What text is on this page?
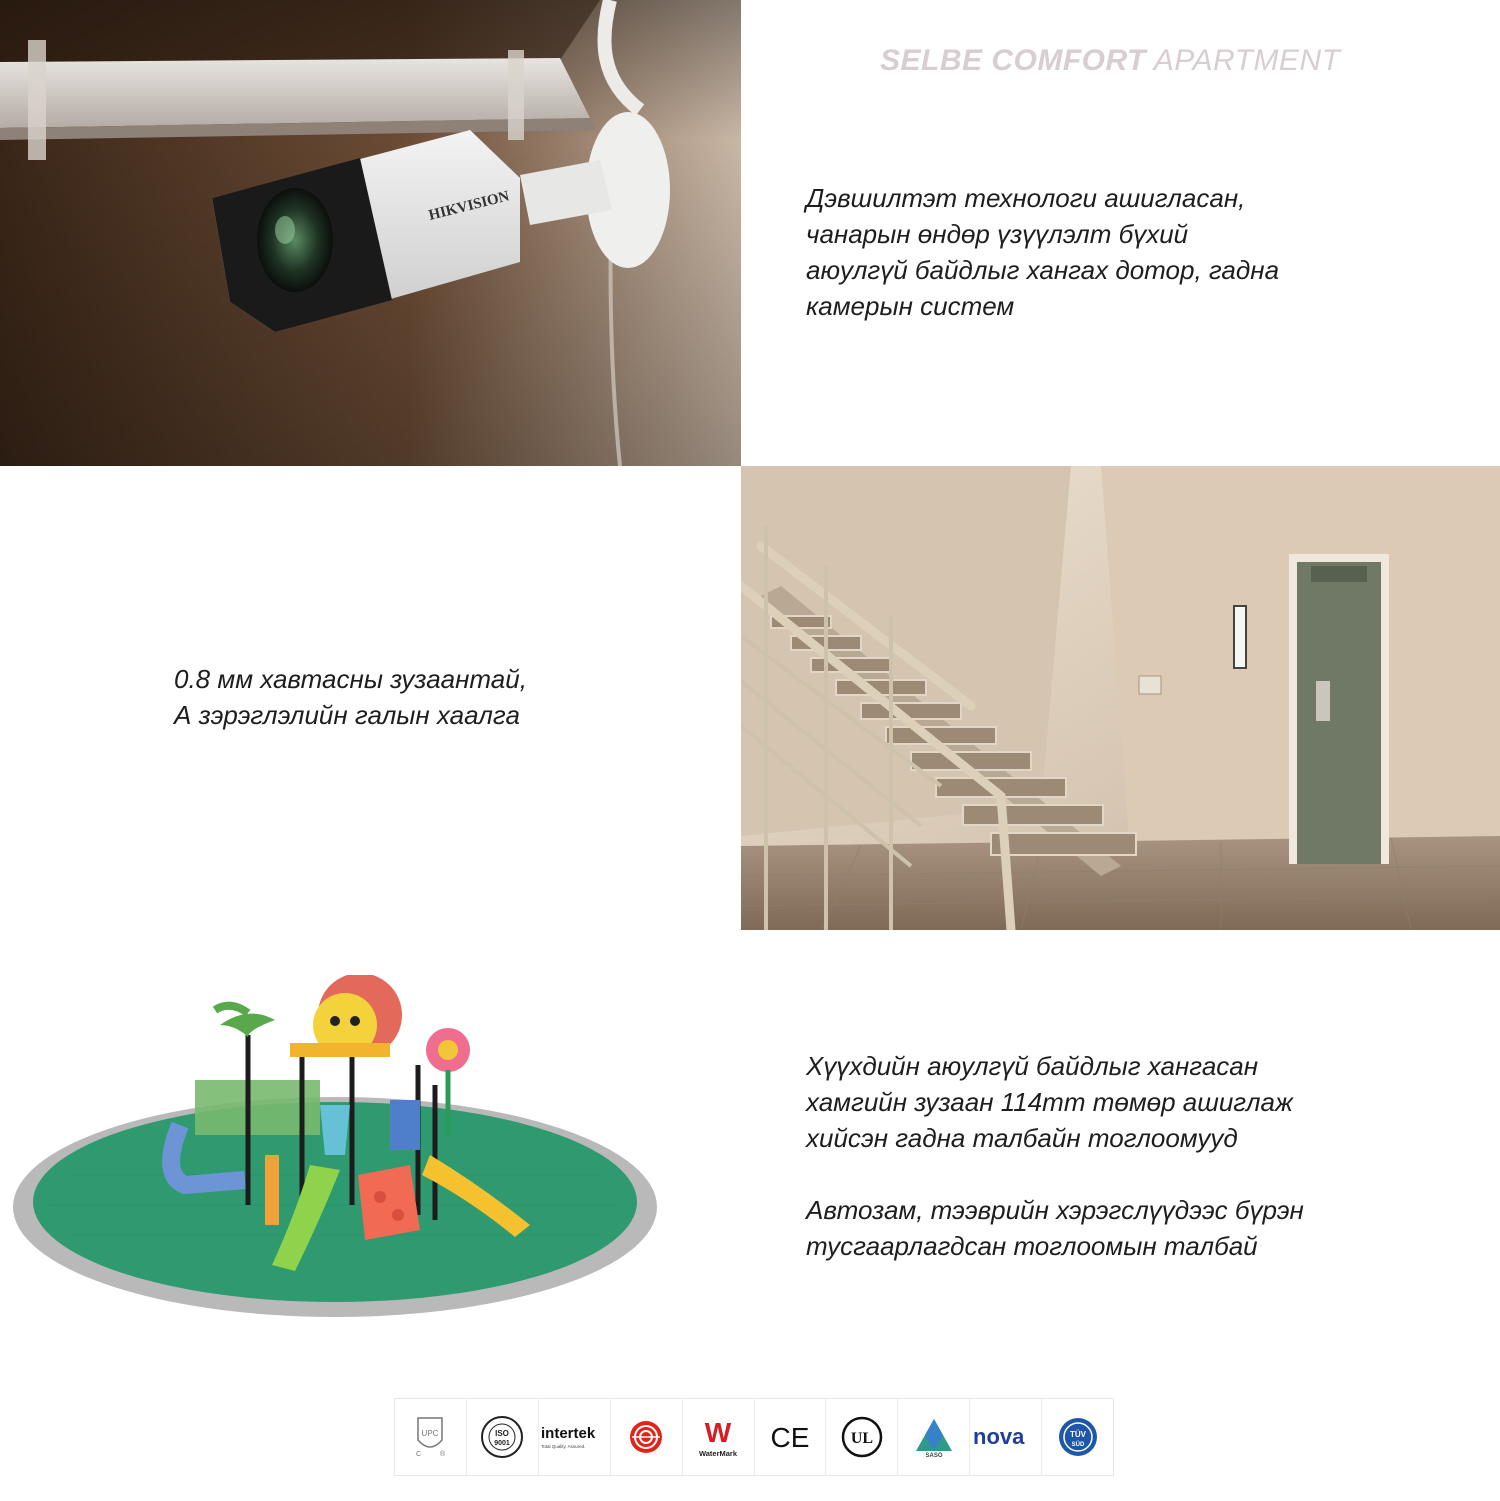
SELBE COMFORT APARTMENT
HIKVISION	Дэвшилтэт технологи ашигласан,
чанарын өндөр үзүүлэлт бүхий
аюулгүй байдлыг хангах дотор, гадна
камерын систем
0.8 мм хавтасны зузаантай,
А зэрэглэлийн галын хаалга
Хүүхдийн аюулгүй байдлыг хангасан
хамгийн зузаан 114mm төмөр ашиглаж
хийсэн гадна талбайн тоглоомууд
Автозам, тээврийн хэрэгслүүдээс бүрэн
тусгаарлагдсан тоглоомын талбай
UPC
C	®
ISO
9001
intertek
Total Quality. Assured.	W
WaterMark
CE	UL
SASO
nova	TÜV
SÜD
